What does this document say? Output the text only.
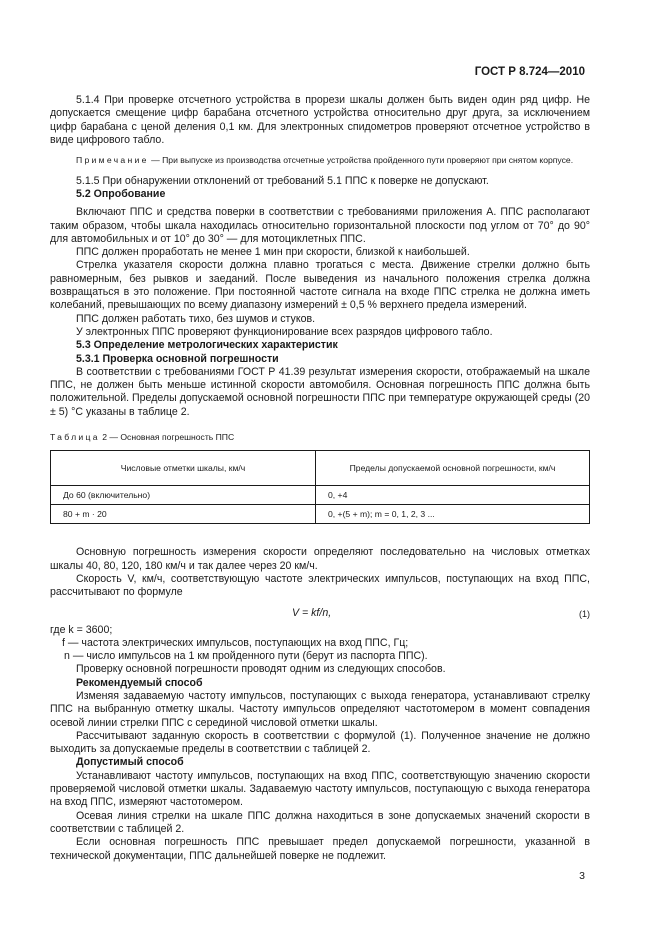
ГОСТ Р 8.724—2010

5.1.4 При проверке отсчетного устройства в прорези шкалы должен быть виден один ряд цифр. Не допускается смещение цифр барабана отсчетного устройства относительно друг друга, за исключением цифр барабана с ценой деления 0,1 км. Для электронных спидометров проверяют отсчетное устройство в виде цифрового табло.

Примечание — При выпуске из производства отсчетные устройства пройденного пути проверяют при снятом корпусе.

5.1.5 При обнаружении отклонений от требований 5.1 ППС к поверке не допускают.

5.2 Опробование

Включают ППС и средства поверки в соответствии с требованиями приложения А. ППС располагают таким образом, чтобы шкала находилась относительно горизонтальной плоскости под углом от 70° до 90° для автомобильных и от 10° до 30° — для мотоциклетных ППС.

ППС должен проработать не менее 1 мин при скорости, близкой к наибольшей.

Стрелка указателя скорости должна плавно трогаться с места. Движение стрелки должно быть равномерным, без рывков и заеданий. После выведения из начального положения стрелка должна возвращаться в это положение. При постоянной частоте сигнала на входе ППС стрелка не должна иметь колебаний, превышающих по всему диапазону измерений ± 0,5 % верхнего предела измерений.

ППС должен работать тихо, без шумов и стуков.

У электронных ППС проверяют функционирование всех разрядов цифрового табло.

5.3 Определение метрологических характеристик

5.3.1 Проверка основной погрешности

В соответствии с требованиями ГОСТ Р 41.39 результат измерения скорости, отображаемый на шкале ППС, не должен быть меньше истинной скорости автомобиля. Основная погрешность ППС должна быть положительной. Пределы допускаемой основной погрешности ППС при температуре окружающей среды (20 ± 5) °С указаны в таблице 2.

Таблица 2 — Основная погрешность ППС
Числовые отметки шкалы, км/ч	Пределы допускаемой основной погрешности, км/ч
До 60 (включительно)	0, +4
80 + m · 20	0, +(5 + m); m = 0, 1, 2, 3 ...

Основную погрешность измерения скорости определяют последовательно на числовых отметках шкалы 40, 80, 120, 180 км/ч и так далее через 20 км/ч.

Скорость V, км/ч, соответствующую частоте электрических импульсов, поступающих на вход ППС, рассчитывают по формуле

V = kf/n,	(1)

где k = 3600;

f — частота электрических импульсов, поступающих на вход ППС, Гц;

n — число импульсов на 1 км пройденного пути (берут из паспорта ППС).

Проверку основной погрешности проводят одним из следующих способов.

Рекомендуемый способ

Изменяя задаваемую частоту импульсов, поступающих с выхода генератора, устанавливают стрелку ППС на выбранную отметку шкалы. Частоту импульсов определяют частотомером в момент совпадения осевой линии стрелки ППС с серединой числовой отметки шкалы.

Рассчитывают заданную скорость в соответствии с формулой (1). Полученное значение не должно выходить за допускаемые пределы в соответствии с таблицей 2.

Допустимый способ

Устанавливают частоту импульсов, поступающих на вход ППС, соответствующую значению скорости проверяемой числовой отметки шкалы. Задаваемую частоту импульсов, поступающую с выхода генератора на вход ППС, измеряют частотомером.

Осевая линия стрелки на шкале ППС должна находиться в зоне допускаемых значений скорости в соответствии с таблицей 2.

Если основная погрешность ППС превышает предел допускаемой погрешности, указанной в технической документации, ППС дальнейшей поверке не подлежит.

3
